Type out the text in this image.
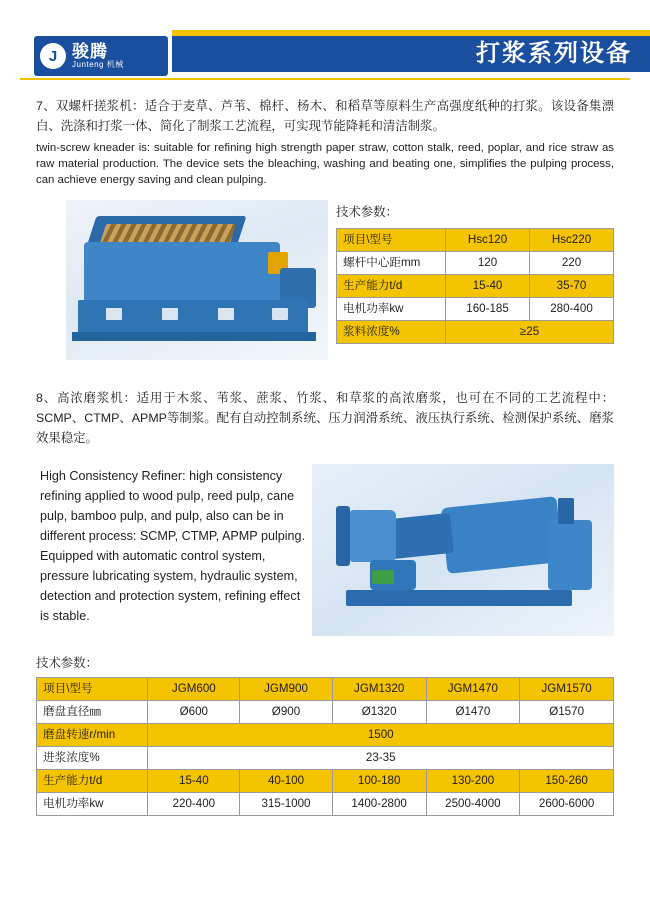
J 骏腾
Junteng 机械	打浆系列设备
7、双螺杆搓浆机：适合于麦草、芦苇、棉杆、杨木、和稻草等原料生产高强度纸种的打浆。该设备集漂白、洗涤和打浆一体、简化了制浆工艺流程，可实现节能降耗和清洁制浆。
twin-screw kneader is: suitable for refining high strength paper straw, cotton stalk, reed, poplar, and rice straw as raw material production. The device sets the bleaching, washing and beating one, simplifies the pulping process, can achieve energy saving and clean pulping.
技术参数：
项目\型号	Hsc120	Hsc220
螺杆中心距mm	120	220
生产能力t/d	15-40	35-70
电机功率kw	160-185	280-400
浆料浓度%	≥25	
8、高浓磨浆机：适用于木浆、苇浆、蔗浆、竹浆、和草浆的高浓磨浆，也可在不同的工艺流程中：SCMP、CTMP、APMP等制浆。配有自动控制系统、压力润滑系统、液压执行系统、检测保护系统、磨浆效果稳定。
High Consistency Refiner: high consistency refining applied to wood pulp, reed pulp, cane pulp, bamboo pulp, and pulp, also can be in different process: SCMP, CTMP, APMP pulping. Equipped with automatic control system, pressure lubricating system, hydraulic system, detection and protection system, refining effect is stable.
技术参数：
项目\型号	JGM600	JGM900	JGM1320	JGM1470	JGM1570
磨盘直径㎜	Ø600	Ø900	Ø1320	Ø1470	Ø1570
磨盘转速r/min	1500				
进浆浓度%	23-35				
生产能力t/d	15-40	40-100	100-180	130-200	150-260
电机功率kw	220-400	315-1000	1400-2800	2500-4000	2600-6000
